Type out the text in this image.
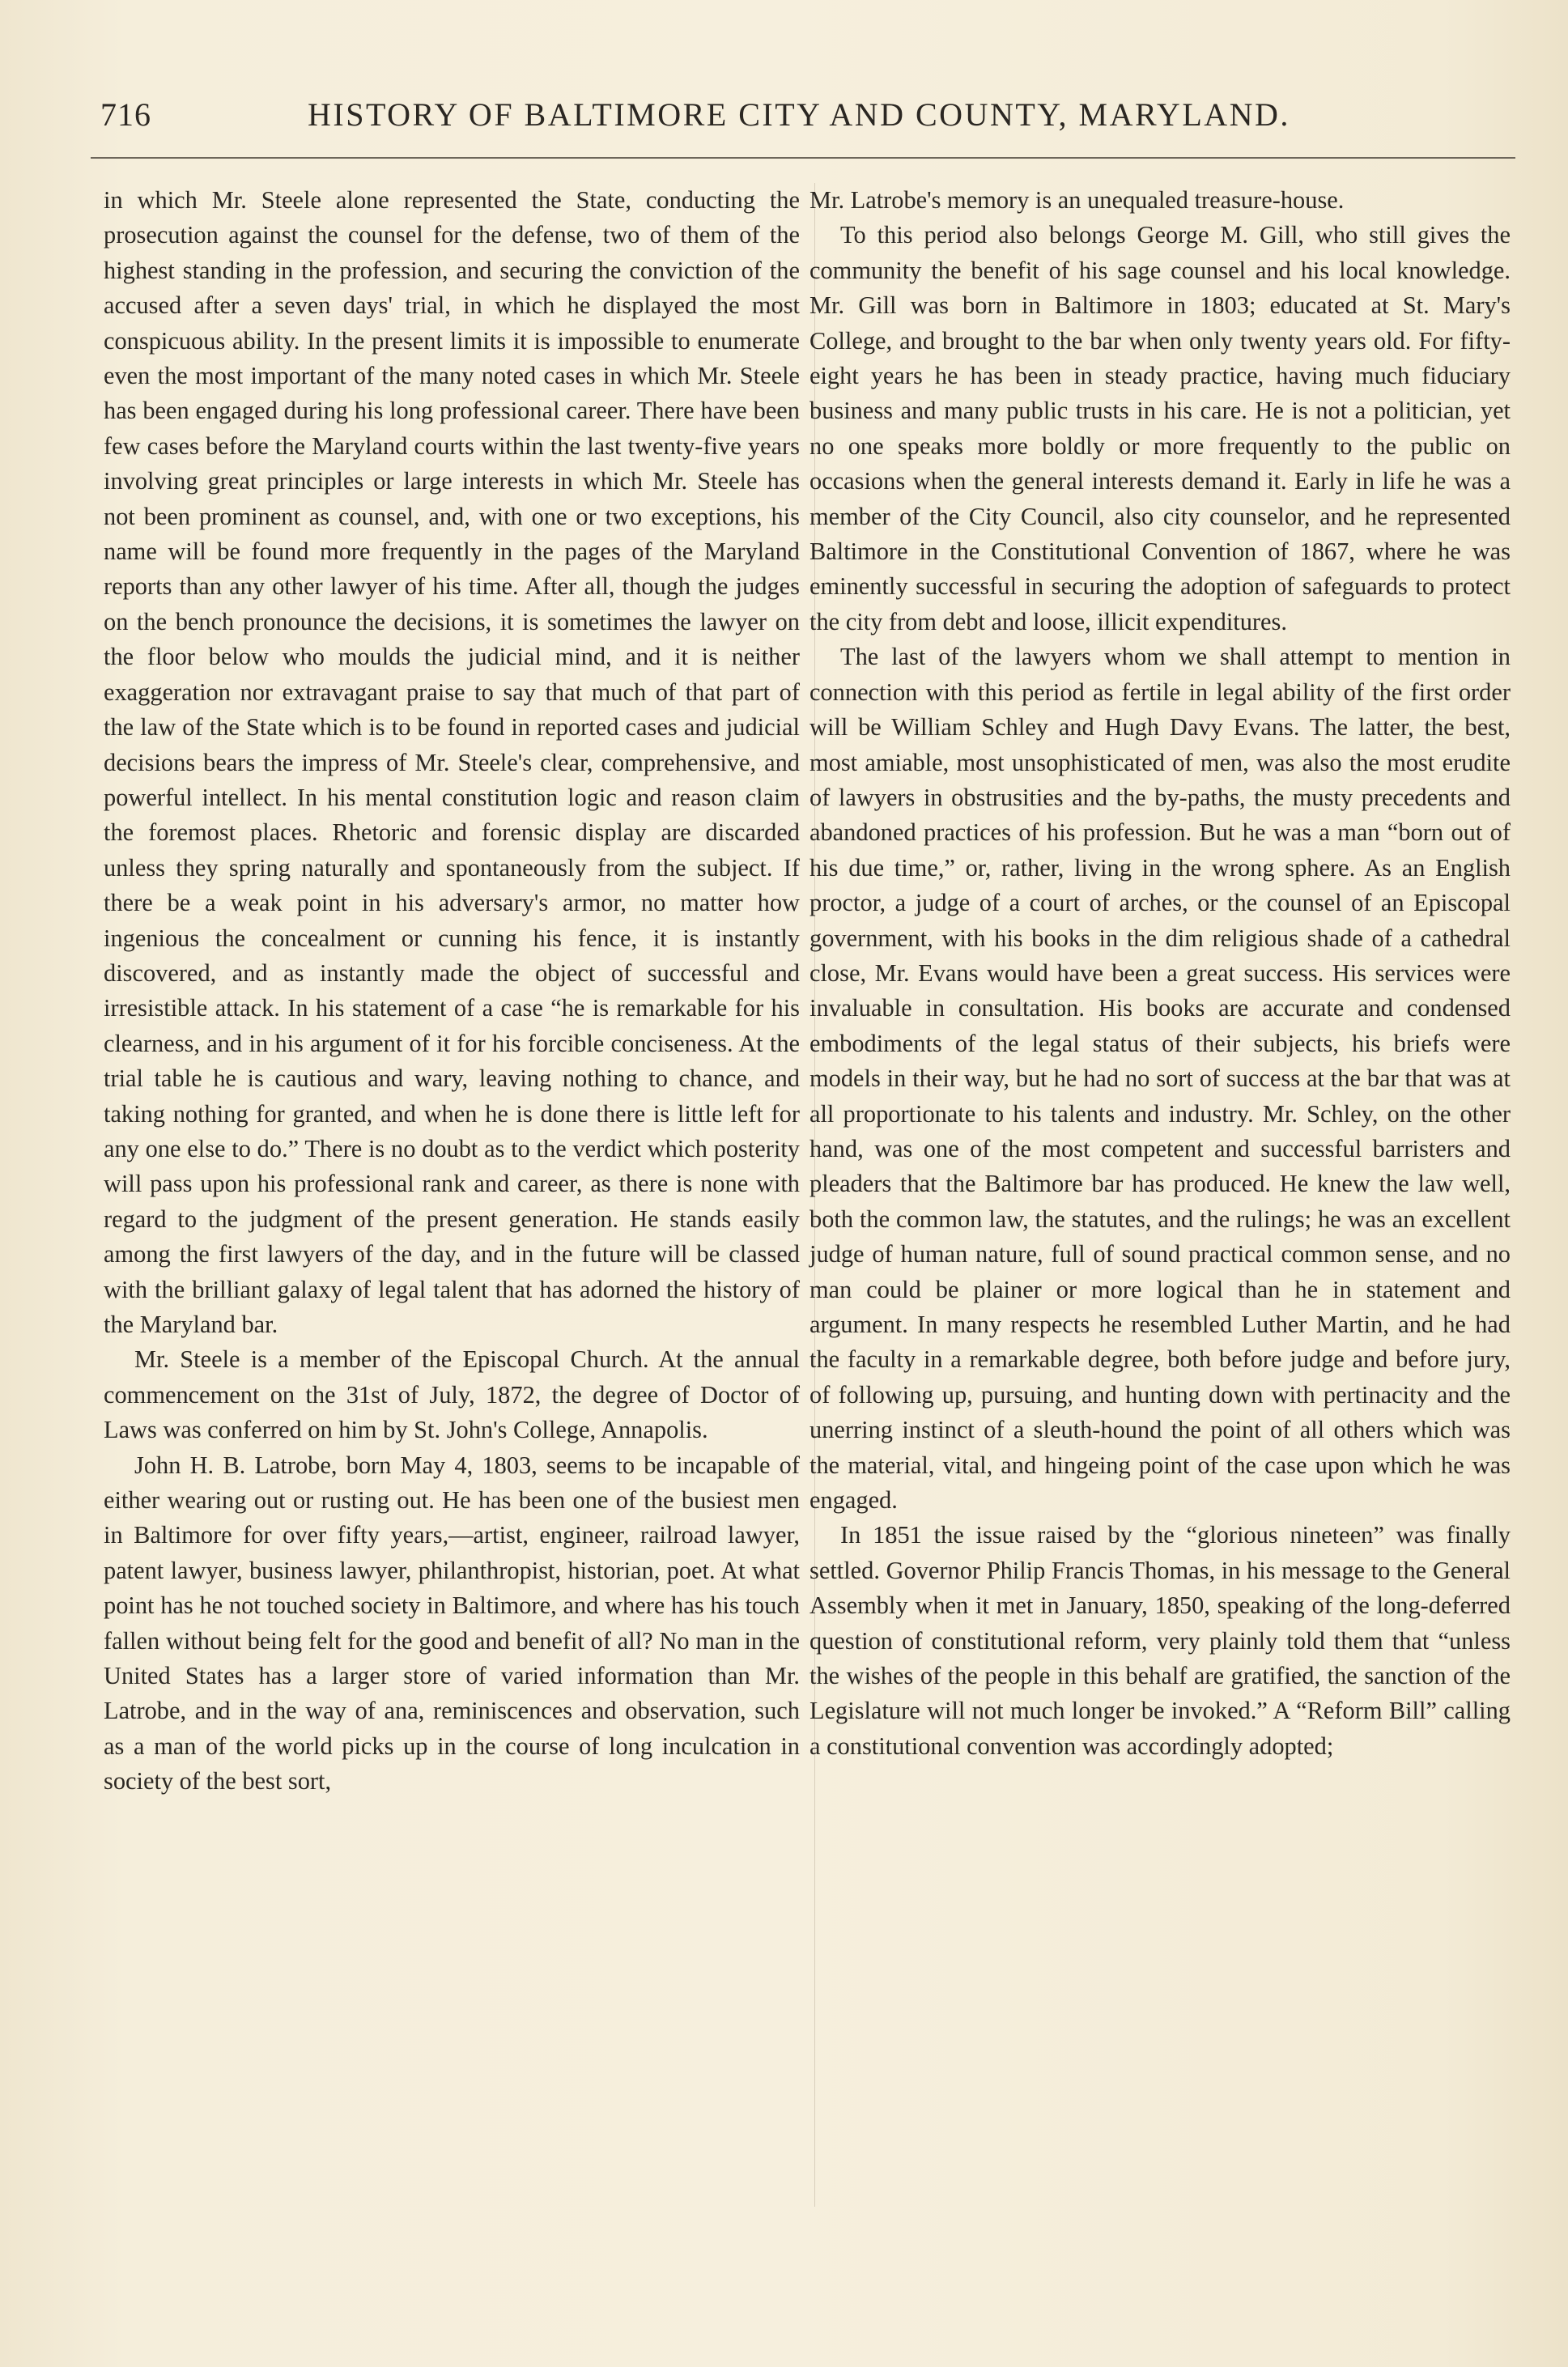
716	HISTORY OF BALTIMORE CITY AND COUNTY, MARYLAND.

in which Mr. Steele alone represented the State, conducting the prosecution against the counsel for the defense, two of them of the highest standing in the profession, and securing the conviction of the accused after a seven days' trial, in which he displayed the most conspicuous ability. In the present limits it is impossible to enumerate even the most important of the many noted cases in which Mr. Steele has been engaged during his long professional career. There have been few cases before the Maryland courts within the last twenty-five years involving great principles or large interests in which Mr. Steele has not been prominent as counsel, and, with one or two exceptions, his name will be found more frequently in the pages of the Maryland reports than any other lawyer of his time. After all, though the judges on the bench pronounce the decisions, it is sometimes the lawyer on the floor below who moulds the judicial mind, and it is neither exaggeration nor extravagant praise to say that much of that part of the law of the State which is to be found in reported cases and judicial decisions bears the impress of Mr. Steele's clear, comprehensive, and powerful intellect. In his mental constitution logic and reason claim the foremost places. Rhetoric and forensic display are discarded unless they spring naturally and spontaneously from the subject. If there be a weak point in his adversary's armor, no matter how ingenious the concealment or cunning his fence, it is instantly discovered, and as instantly made the object of successful and irresistible attack. In his statement of a case “he is remarkable for his clearness, and in his argument of it for his forcible conciseness. At the trial table he is cautious and wary, leaving nothing to chance, and taking nothing for granted, and when he is done there is little left for any one else to do.” There is no doubt as to the verdict which posterity will pass upon his professional rank and career, as there is none with regard to the judgment of the present generation. He stands easily among the first lawyers of the day, and in the future will be classed with the brilliant galaxy of legal talent that has adorned the history of the Maryland bar.

Mr. Steele is a member of the Episcopal Church. At the annual commencement on the 31st of July, 1872, the degree of Doctor of Laws was conferred on him by St. John's College, Annapolis.

John H. B. Latrobe, born May 4, 1803, seems to be incapable of either wearing out or rusting out. He has been one of the busiest men in Baltimore for over fifty years,—artist, engineer, railroad lawyer, patent lawyer, business lawyer, philanthropist, historian, poet. At what point has he not touched society in Baltimore, and where has his touch fallen without being felt for the good and benefit of all? No man in the United States has a larger store of varied information than Mr. Latrobe, and in the way of ana, reminiscences and observation, such as a man of the world picks up in the course of long inculcation in society of the best sort,

Mr. Latrobe's memory is an unequaled treasure-house.

To this period also belongs George M. Gill, who still gives the community the benefit of his sage counsel and his local knowledge. Mr. Gill was born in Baltimore in 1803; educated at St. Mary's College, and brought to the bar when only twenty years old. For fifty-eight years he has been in steady practice, having much fiduciary business and many public trusts in his care. He is not a politician, yet no one speaks more boldly or more frequently to the public on occasions when the general interests demand it. Early in life he was a member of the City Council, also city counselor, and he represented Baltimore in the Constitutional Convention of 1867, where he was eminently successful in securing the adoption of safeguards to protect the city from debt and loose, illicit expenditures.

The last of the lawyers whom we shall attempt to mention in connection with this period as fertile in legal ability of the first order will be William Schley and Hugh Davy Evans. The latter, the best, most amiable, most unsophisticated of men, was also the most erudite of lawyers in obstrusities and the by-paths, the musty precedents and abandoned practices of his profession. But he was a man “born out of his due time,” or, rather, living in the wrong sphere. As an English proctor, a judge of a court of arches, or the counsel of an Episcopal government, with his books in the dim religious shade of a cathedral close, Mr. Evans would have been a great success. His services were invaluable in consultation. His books are accurate and condensed embodiments of the legal status of their subjects, his briefs were models in their way, but he had no sort of success at the bar that was at all proportionate to his talents and industry. Mr. Schley, on the other hand, was one of the most competent and successful barristers and pleaders that the Baltimore bar has produced. He knew the law well, both the common law, the statutes, and the rulings; he was an excellent judge of human nature, full of sound practical common sense, and no man could be plainer or more logical than he in statement and argument. In many respects he resembled Luther Martin, and he had the faculty in a remarkable degree, both before judge and before jury, of following up, pursuing, and hunting down with pertinacity and the unerring instinct of a sleuth-hound the point of all others which was the material, vital, and hingeing point of the case upon which he was engaged.

In 1851 the issue raised by the “glorious nineteen” was finally settled. Governor Philip Francis Thomas, in his message to the General Assembly when it met in January, 1850, speaking of the long-deferred question of constitutional reform, very plainly told them that “unless the wishes of the people in this behalf are gratified, the sanction of the Legislature will not much longer be invoked.” A “Reform Bill” calling a constitutional convention was accordingly adopted;
